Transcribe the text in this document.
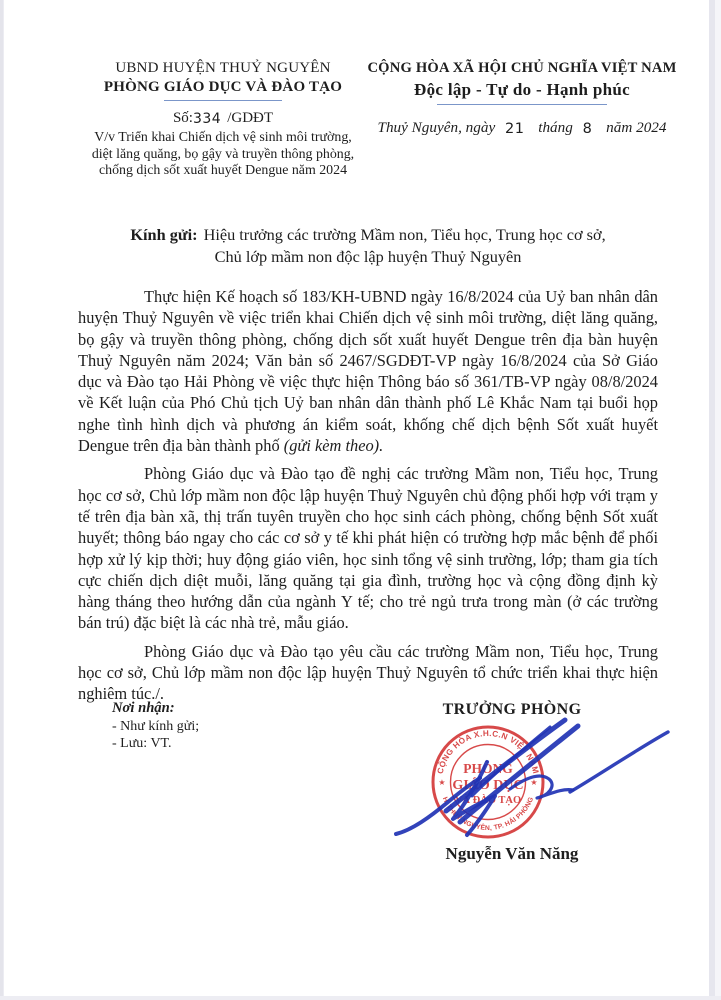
UBND HUYỆN THUỶ NGUYÊN
PHÒNG GIÁO DỤC VÀ ĐÀO TẠO
Số:334 /GDĐT
V/v Triển khai Chiến dịch vệ sinh môi trường, diệt lăng quăng, bọ gậy và truyền thông phòng, chống dịch sốt xuất huyết Dengue năm 2024
CỘNG HÒA XÃ HỘI CHỦ NGHĨA VIỆT NAM
Độc lập - Tự do - Hạnh phúc
Thuỷ Nguyên, ngày 21 tháng 8 năm 2024
Kính gửi: Hiệu trưởng các trường Mầm non, Tiểu học, Trung học cơ sở,
Chủ lớp mầm non độc lập huyện Thuỷ Nguyên

Thực hiện Kế hoạch số 183/KH-UBND ngày 16/8/2024 của Uỷ ban nhân dân huyện Thuỷ Nguyên về việc triển khai Chiến dịch vệ sinh môi trường, diệt lăng quăng, bọ gậy và truyền thông phòng, chống dịch sốt xuất huyết Dengue trên địa bàn huyện Thuỷ Nguyên năm 2024; Văn bản số 2467/SGDĐT-VP ngày 16/8/2024 của Sở Giáo dục và Đào tạo Hải Phòng về việc thực hiện Thông báo số 361/TB-VP ngày 08/8/2024 về Kết luận của Phó Chủ tịch Uỷ ban nhân dân thành phố Lê Khắc Nam tại buổi họp nghe tình hình dịch và phương án kiểm soát, khống chế dịch bệnh Sốt xuất huyết Dengue trên địa bàn thành phố (gửi kèm theo).

Phòng Giáo dục và Đào tạo đề nghị các trường Mầm non, Tiểu học, Trung học cơ sở, Chủ lớp mầm non độc lập huyện Thuỷ Nguyên chủ động phối hợp với trạm y tế trên địa bàn xã, thị trấn tuyên truyền cho học sinh cách phòng, chống bệnh Sốt xuất huyết; thông báo ngay cho các cơ sở y tế khi phát hiện có trường hợp mắc bệnh để phối hợp xử lý kịp thời; huy động giáo viên, học sinh tổng vệ sinh trường, lớp; tham gia tích cực chiến dịch diệt muỗi, lăng quăng tại gia đình, trường học và cộng đồng định kỳ hàng tháng theo hướng dẫn của ngành Y tế; cho trẻ ngủ trưa trong màn (ở các trường bán trú) đặc biệt là các nhà trẻ, mẫu giáo.

Phòng Giáo dục và Đào tạo yêu cầu các trường Mầm non, Tiểu học, Trung học cơ sở, Chủ lớp mầm non độc lập huyện Thuỷ Nguyên tổ chức triển khai thực hiện nghiêm túc./.

Nơi nhận:
- Như kính gửi;
- Lưu: VT.
TRƯỞNG PHÒNG
CỘNG HÒA X.H.C.N VIỆT NAM
H. THUỶ NGUYÊN, TP. HẢI PHÒNG
PHÒNG
GIÁO DỤC
VÀ ĐÀO TẠO
★	★
Nguyễn Văn Năng
